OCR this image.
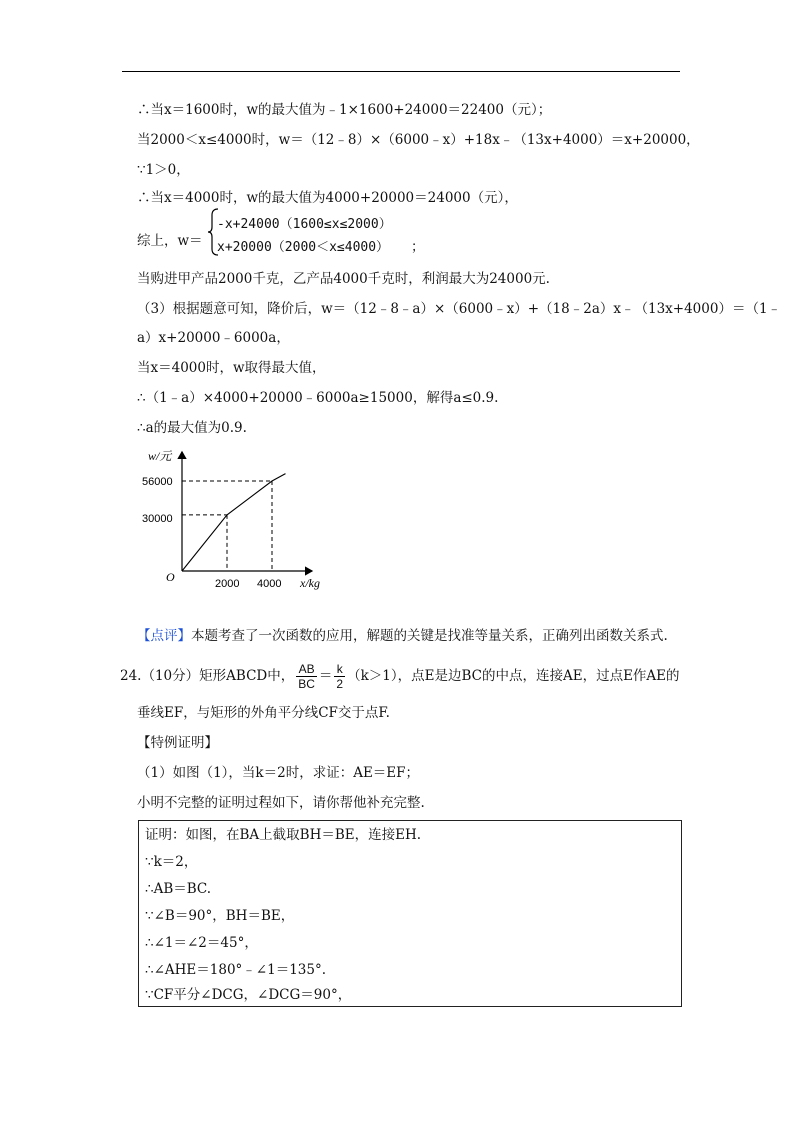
∴当x＝1600时，w的最大值为﹣1×1600+24000＝22400（元）；
当2000＜x≤4000时，w＝（12﹣8）×（6000﹣x）+18x﹣（13x+4000）＝x+20000，
∵1＞0，
∴当x＝4000时，w的最大值为4000+20000＝24000（元），
综上，w＝
-x+24000（1600≤x≤2000）
x+20000（2000＜x≤4000） ；
当购进甲产品2000千克，乙产品4000千克时，利润最大为24000元.
（3）根据题意可知，降价后，w＝（12﹣8﹣a）×（6000﹣x）+（18﹣2a）x﹣（13x+4000）＝（1﹣
a）x+20000﹣6000a，
当x＝4000时，w取得最大值，
∴（1﹣a）×4000+20000﹣6000a≥15000，解得a≤0.9.
∴a的最大值为0.9.
w/元
x/kg
O	2000 4000
56000
30000
【点评】本题考查了一次函数的应用，解题的关键是找准等量关系，正确列出函数关系式.
24.（10分）矩形ABCD中， $\frac{AB}{BC} = \frac{k}{2} (k>1)$，点E是边BC的中点，连接AE，过点E作AE的
垂线EF，与矩形的外角平分线CF交于点F.
【特例证明】
（1）如图（1），当k＝2时，求证：AE＝EF；
小明不完整的证明过程如下，请你帮他补充完整.
证明：如图，在BA上截取BH＝BE，连接EH.
∵k＝2，
∴AB＝BC.
∵∠B＝90°，BH＝BE，
∴∠1＝∠2＝45°，
∴∠AHE＝180°﹣∠1＝135°.
∵CF平分∠DCG，∠DCG＝90°，
